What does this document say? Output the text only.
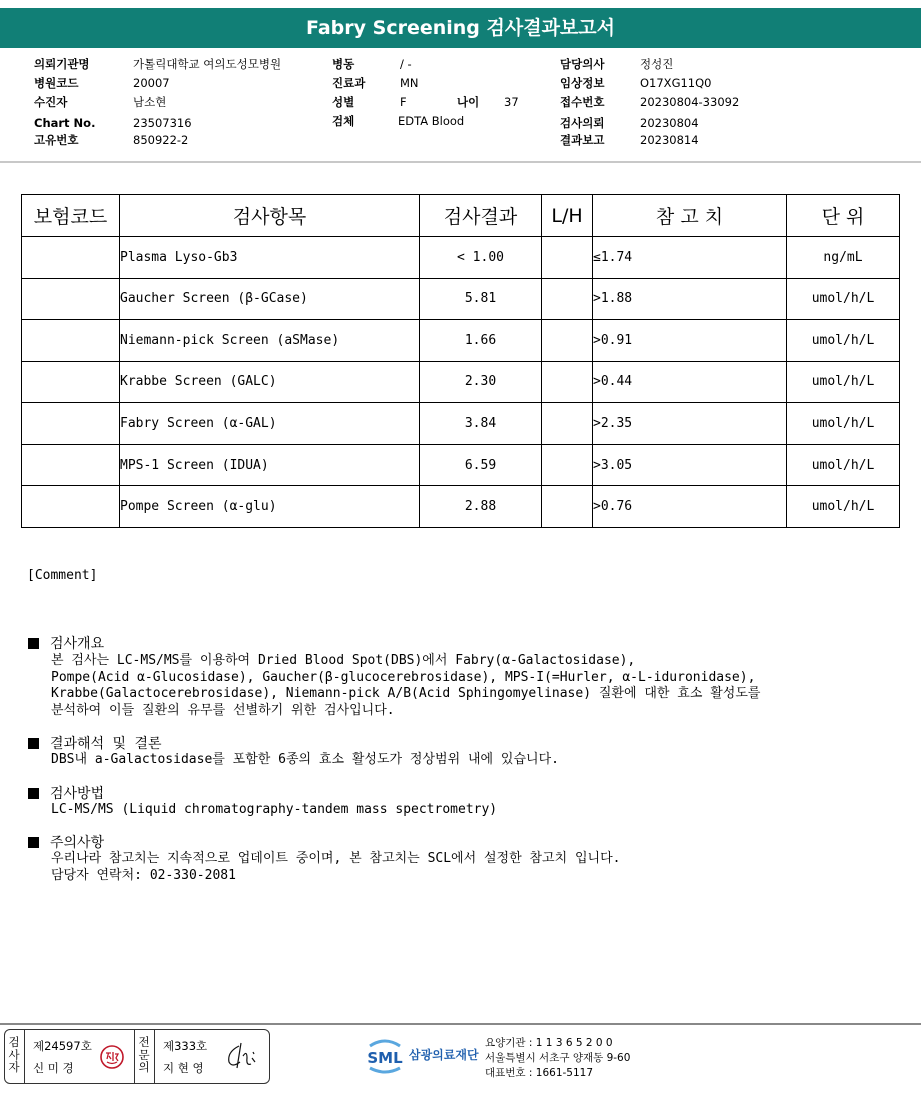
Fabry Screening 검사결과보고서
의뢰기관명	가톨릭대학교 여의도성모병원
병원코드	20007
수진자	남소현
Chart No.	23507316
고유번호	850922-2
병동	/ -
진료과	MN
성별	F	나이 37
검체	EDTA Blood
담당의사	정성진
임상정보	O17XG11Q0
접수번호	20230804-33092
검사의뢰	20230804
결과보고	20230814
보험코드	검사항목	검사결과	L/H	참 고 치	단 위
	Plasma Lyso-Gb3	< 1.00		≤1.74	ng/mL
	Gaucher Screen (β-GCase)	5.81		>1.88	umol/h/L
	Niemann-pick Screen (aSMase)	1.66		>0.91	umol/h/L
	Krabbe Screen (GALC)	2.30		>0.44	umol/h/L
	Fabry Screen (α-GAL)	3.84		>2.35	umol/h/L
	MPS-1 Screen (IDUA)	6.59		>3.05	umol/h/L
	Pompe Screen (α-glu)	2.88		>0.76	umol/h/L
[Comment]
검사개요
본 검사는 LC-MS/MS를 이용하여 Dried Blood Spot(DBS)에서 Fabry(α-Galactosidase),
Pompe(Acid α-Glucosidase), Gaucher(β-glucocerebrosidase), MPS-I(=Hurler, α-L-iduronidase),
Krabbe(Galactocerebrosidase), Niemann-pick A/B(Acid Sphingomyelinase) 질환에 대한 효소 활성도를
분석하여 이들 질환의 유무를 선별하기 위한 검사입니다.
결과해석 및 결론
DBS내 a-Galactosidase를 포함한 6종의 효소 활성도가 정상범위 내에 있습니다.
검사방법
LC-MS/MS (Liquid chromatography-tandem mass spectrometry)
주의사항
우리나라 참고치는 지속적으로 업데이트 중이며, 본 참고치는 SCL에서 설정한 참고치 입니다.
담당자 연락처: 02-330-2081
검사자
제24597호
신 미 경
전문의
제333호
지 현 영
SML 삼광의료재단
요양기관 : 1 1 3 6 5 2 0 0
서울특별시 서초구 양재동 9-60
대표번호 : 1661-5117
